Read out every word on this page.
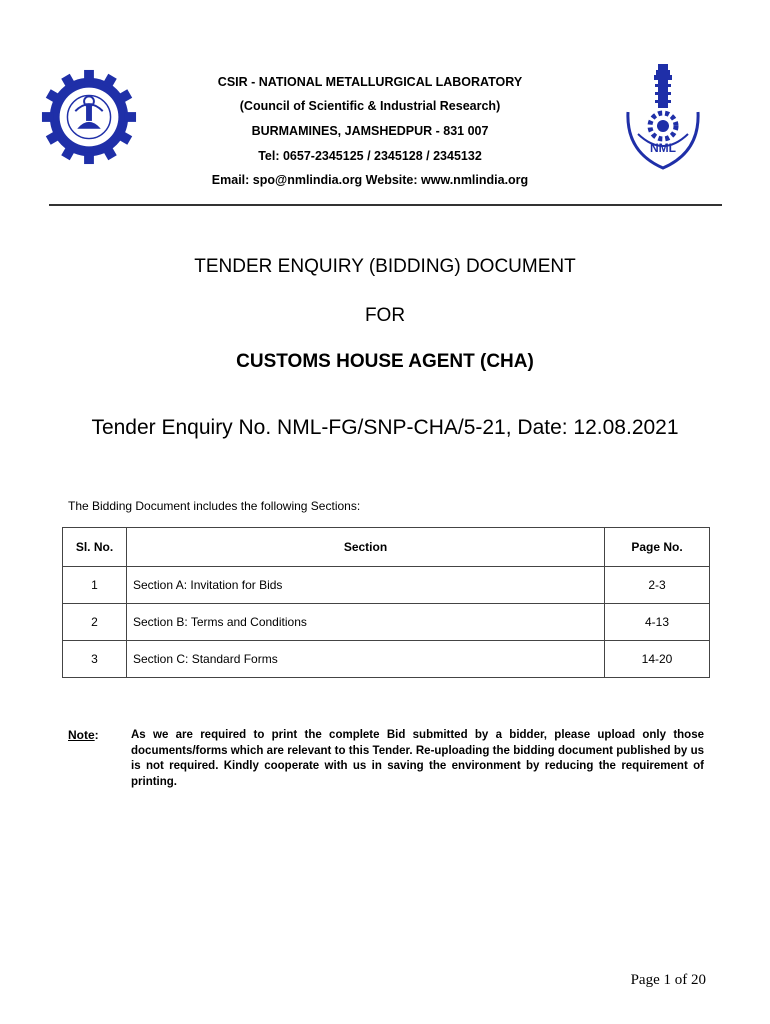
CSIR - NATIONAL METALLURGICAL LABORATORY
(Council of Scientific & Industrial Research)
BURMAMINES, JAMSHEDPUR - 831 007
Tel: 0657-2345125 / 2345128 / 2345132
Email: spo@nmlindia.org Website: www.nmlindia.org
NML
TENDER ENQUIRY (BIDDING) DOCUMENT
FOR
CUSTOMS HOUSE AGENT (CHA)
Tender Enquiry No. NML-FG/SNP-CHA/5-21, Date: 12.08.2021
The Bidding Document includes the following Sections:
Sl. No.	Section	Page No.
1	Section A: Invitation for Bids	2-3
2	Section B: Terms and Conditions	4-13
3	Section C: Standard Forms	14-20
Note:	As we are required to print the complete Bid submitted by a bidder, please upload only those documents/forms which are relevant to this Tender. Re-uploading the bidding document published by us is not required. Kindly cooperate with us in saving the environment by reducing the requirement of printing.
Page 1 of 20
